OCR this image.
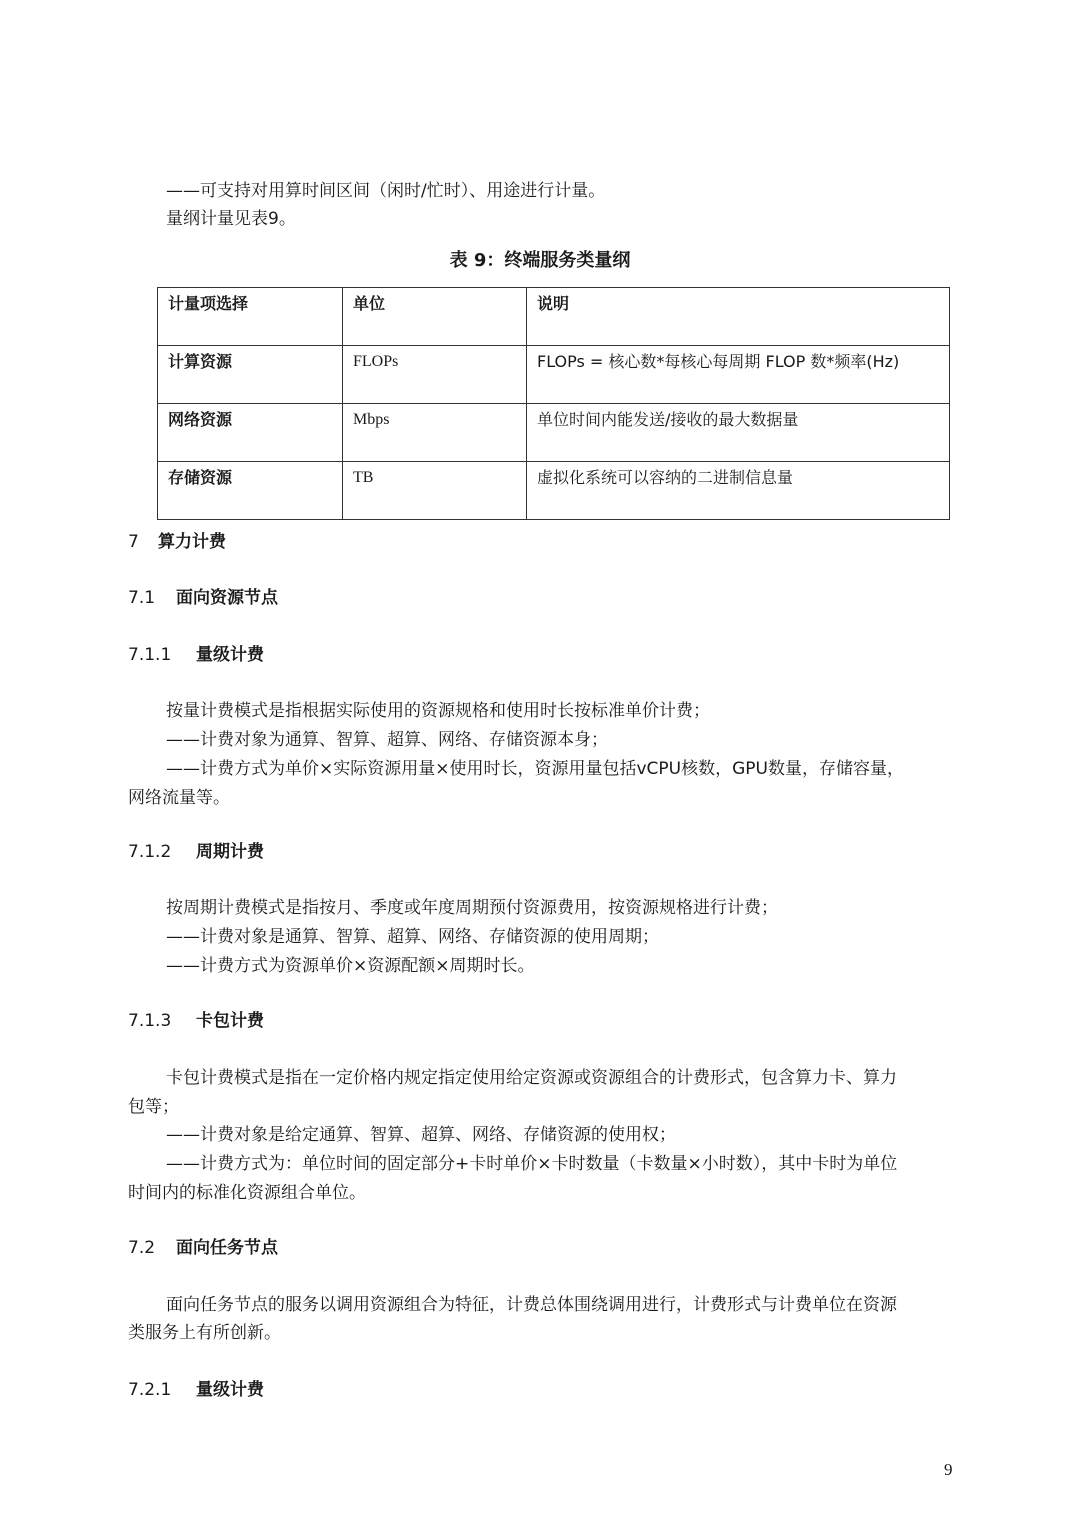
——可支持对用算时间区间（闲时/忙时）、用途进行计量。

量纲计量见表9。

表 9：终端服务类量纲
计量项选择	单位	说明
计算资源	FLOPs	FLOPs = 核心数*每核心每周期 FLOP 数*频率(Hz)
网络资源	Mbps	单位时间内能发送/接收的最大数据量
存储资源	TB	虚拟化系统可以容纳的二进制信息量
7 算力计费
7.1 面向资源节点
7.1.1 量级计费

按量计费模式是指根据实际使用的资源规格和使用时长按标准单价计费；

——计费对象为通算、智算、超算、网络、存储资源本身；

——计费方式为单价×实际资源用量×使用时长，资源用量包括vCPU核数，GPU数量，存储容量，

网络流量等。

7.1.2 周期计费

按周期计费模式是指按月、季度或年度周期预付资源费用，按资源规格进行计费；

——计费对象是通算、智算、超算、网络、存储资源的使用周期；

——计费方式为资源单价×资源配额×周期时长。

7.1.3 卡包计费

卡包计费模式是指在一定价格内规定指定使用给定资源或资源组合的计费形式，包含算力卡、算力

包等；

——计费对象是给定通算、智算、超算、网络、存储资源的使用权；

——计费方式为：单位时间的固定部分+卡时单价×卡时数量（卡数量×小时数），其中卡时为单位

时间内的标准化资源组合单位。

7.2 面向任务节点

面向任务节点的服务以调用资源组合为特征，计费总体围绕调用进行，计费形式与计费单位在资源

类服务上有所创新。

7.2.1 量级计费
9
